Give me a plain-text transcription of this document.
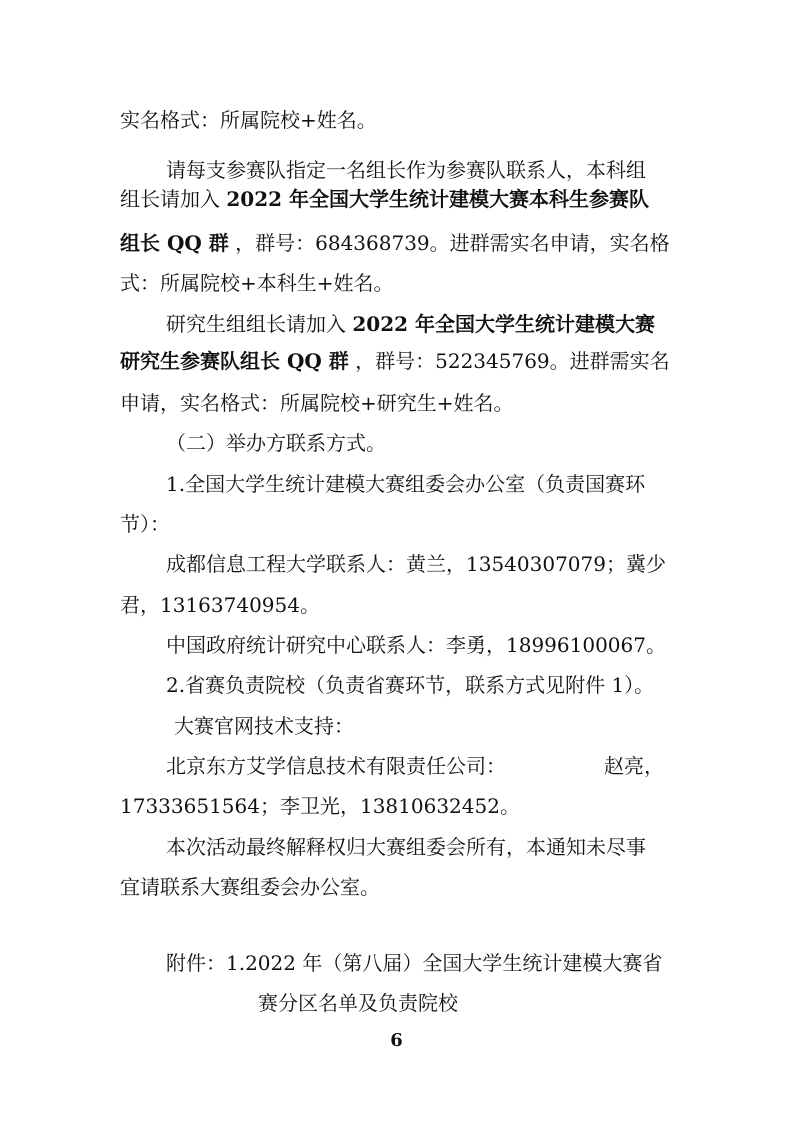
实名格式：所属院校+姓名。
请每支参赛队指定一名组长作为参赛队联系人，本科组
组长请加入 2022 年全国大学生统计建模大赛本科生参赛队
组长 QQ 群 ，群号：684368739。进群需实名申请，实名格
式：所属院校+本科生+姓名。
研究生组组长请加入 2022 年全国大学生统计建模大赛
研究生参赛队组长 QQ 群 ，群号：522345769。进群需实名
申请，实名格式：所属院校+研究生+姓名。
（二）举办方联系方式。
1.全国大学生统计建模大赛组委会办公室（负责国赛环
节）：
成都信息工程大学联系人：黄兰，13540307079；冀少
君，13163740954。
中国政府统计研究中心联系人：李勇，18996100067。
2.省赛负责院校（负责省赛环节，联系方式见附件 1）。
大赛官网技术支持：
北京东方艾学信息技术有限责任公司：	赵亮，
17333651564；李卫光，13810632452。
本次活动最终解释权归大赛组委会所有，本通知未尽事
宜请联系大赛组委会办公室。
附件：1.2022 年（第八届）全国大学生统计建模大赛省
赛分区名单及负责院校
6
